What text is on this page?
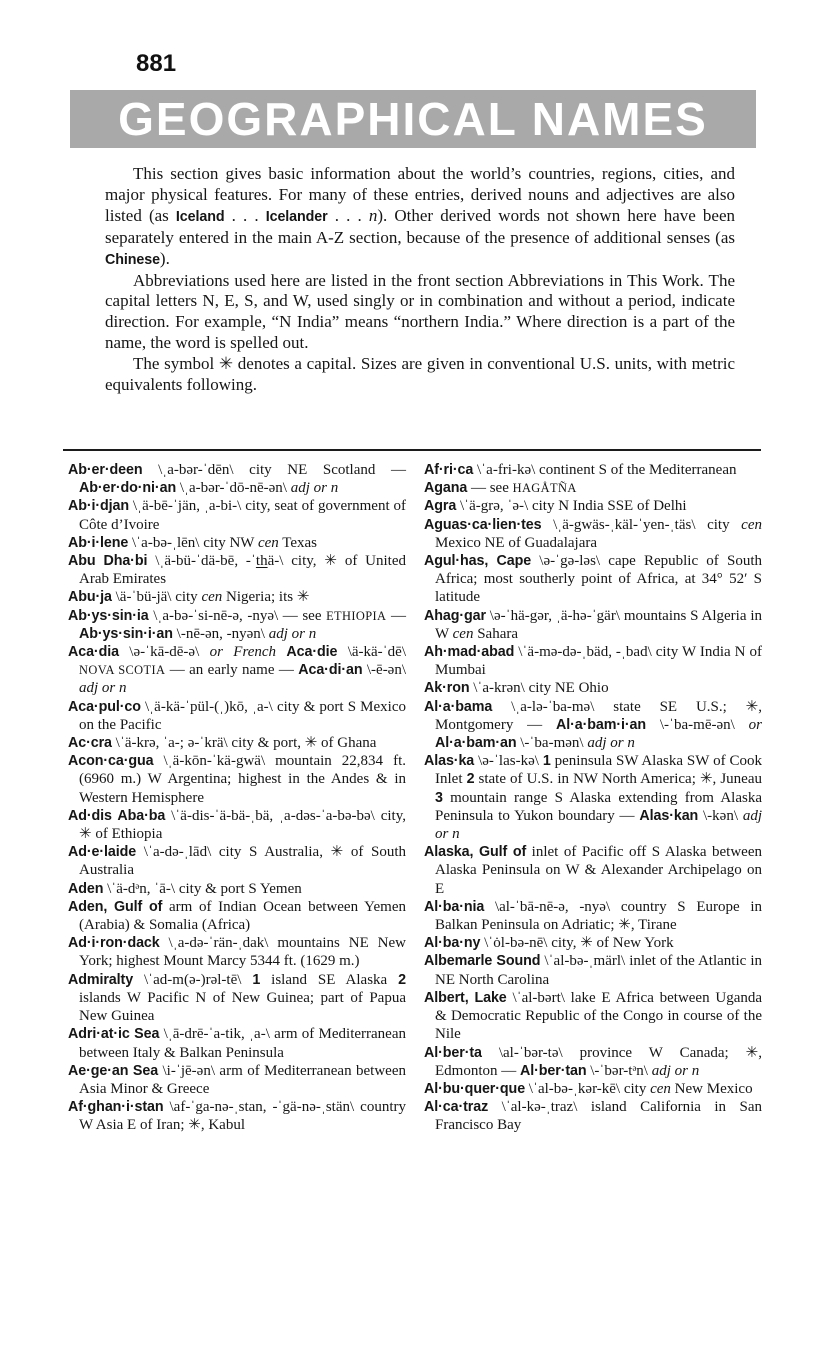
881
GEOGRAPHICAL NAMES

This section gives basic information about the world’s countries, regions, cities, and major physical features. For many of these entries, derived nouns and adjectives are also listed (as Iceland . . . Icelander . . . n). Other derived words not shown here have been separately entered in the main A-Z section, because of the presence of additional senses (as Chinese).

Abbreviations used here are listed in the front section Abbreviations in This Work. The capital letters N, E, S, and W, used singly or in combination and without a period, indicate direction. For example, “N India” means “northern India.” Where direction is a part of the name, the word is spelled out.

The symbol ✳ denotes a capital. Sizes are given in conventional U.S. units, with metric equivalents following.

Ab·er·deen \ˌa-bər-ˈdēn\ city NE Scotland — Ab·er·do·ni·an \ˌa-bər-ˈdō-nē-ən\ adj or n

Ab·i·djan \ˌä-bē-ˈjän, ˌa-bi-\ city, seat of government of Côte d’Ivoire

Ab·i·lene \ˈa-bə-ˌlēn\ city NW cen Texas

Abu Dha·bi \ˌä-bü-ˈdä-bē, -ˈthä-\ city, ✳ of United Arab Emirates

Abu·ja \ä-ˈbü-jä\ city cen Nigeria; its ✳

Ab·ys·sin·ia \ˌa-bə-ˈsi-nē-ə, -nyə\ — see ETHIOPIA — Ab·ys·sin·i·an \-nē-ən, -nyən\ adj or n

Aca·dia \ə-ˈkā-dē-ə\ or French Aca·die \ä-kä-ˈdē\ NOVA SCOTIA — an early name — Aca·di·an \-ē-ən\ adj or n

Aca·pul·co \ˌä-kä-ˈpül-(ˌ)kō, ˌa-\ city & port S Mexico on the Pacific

Ac·cra \ˈä-krə, ˈa-; ə-ˈkrä\ city & port, ✳ of Ghana

Acon·ca·gua \ˌä-kōn-ˈkä-gwä\ mountain 22,834 ft. (6960 m.) W Argentina; highest in the Andes & in Western Hemisphere

Ad·dis Aba·ba \ˈä-dis-ˈä-bä-ˌbä, ˌa-dəs-ˈa-bə-bə\ city, ✳ of Ethiopia

Ad·e·laide \ˈa-də-ˌlād\ city S Australia, ✳ of South Australia

Aden \ˈä-dᵊn, ˈā-\ city & port S Yemen

Aden, Gulf of arm of Indian Ocean between Yemen (Arabia) & Somalia (Africa)

Ad·i·ron·dack \ˌa-də-ˈrän-ˌdak\ mountains NE New York; highest Mount Marcy 5344 ft. (1629 m.)

Admiralty \ˈad-m(ə-)rəl-tē\ 1 island SE Alaska 2 islands W Pacific N of New Guinea; part of Papua New Guinea

Adri·at·ic Sea \ˌā-drē-ˈa-tik, ˌa-\ arm of Mediterranean between Italy & Balkan Peninsula

Ae·ge·an Sea \i-ˈjē-ən\ arm of Mediterranean between Asia Minor & Greece

Af·ghan·i·stan \af-ˈga-nə-ˌstan, -ˈgä-nə-ˌstän\ country W Asia E of Iran; ✳, Kabul

Af·ri·ca \ˈa-fri-kə\ continent S of the Mediterranean

Agana — see HAGÅTÑA

Agra \ˈä-grə, ˈə-\ city N India SSE of Delhi

Aguas·ca·lien·tes \ˌä-gwäs-ˌkäl-ˈyen-ˌtäs\ city cen Mexico NE of Guadalajara

Agul·has, Cape \ə-ˈgə-ləs\ cape Republic of South Africa; most southerly point of Africa, at 34° 52′ S latitude

Ahag·gar \ə-ˈhä-gər, ˌä-hə-ˈgär\ mountains S Algeria in W cen Sahara

Ah·mad·abad \ˈä-mə-də-ˌbäd, -ˌbad\ city W India N of Mumbai

Ak·ron \ˈa-krən\ city NE Ohio

Al·a·bama \ˌa-lə-ˈba-mə\ state SE U.S.; ✳, Montgomery — Al·a·bam·i·an \-ˈba-mē-ən\ or Al·a·bam·an \-ˈba-mən\ adj or n

Alas·ka \ə-ˈlas-kə\ 1 peninsula SW Alaska SW of Cook Inlet 2 state of U.S. in NW North America; ✳, Juneau 3 mountain range S Alaska extending from Alaska Peninsula to Yukon boundary — Alas·kan \-kən\ adj or n

Alaska, Gulf of inlet of Pacific off S Alaska between Alaska Peninsula on W & Alexander Archipelago on E

Al·ba·nia \al-ˈbā-nē-ə, -nyə\ country S Europe in Balkan Peninsula on Adriatic; ✳, Tirane

Al·ba·ny \ˈȯl-bə-nē\ city, ✳ of New York

Albemarle Sound \ˈal-bə-ˌmärl\ inlet of the Atlantic in NE North Carolina

Albert, Lake \ˈal-bərt\ lake E Africa between Uganda & Democratic Republic of the Congo in course of the Nile

Al·ber·ta \al-ˈbər-tə\ province W Canada; ✳, Edmonton — Al·ber·tan \-ˈbər-tᵊn\ adj or n

Al·bu·quer·que \ˈal-bə-ˌkər-kē\ city cen New Mexico

Al·ca·traz \ˈal-kə-ˌtraz\ island California in San Francisco Bay
